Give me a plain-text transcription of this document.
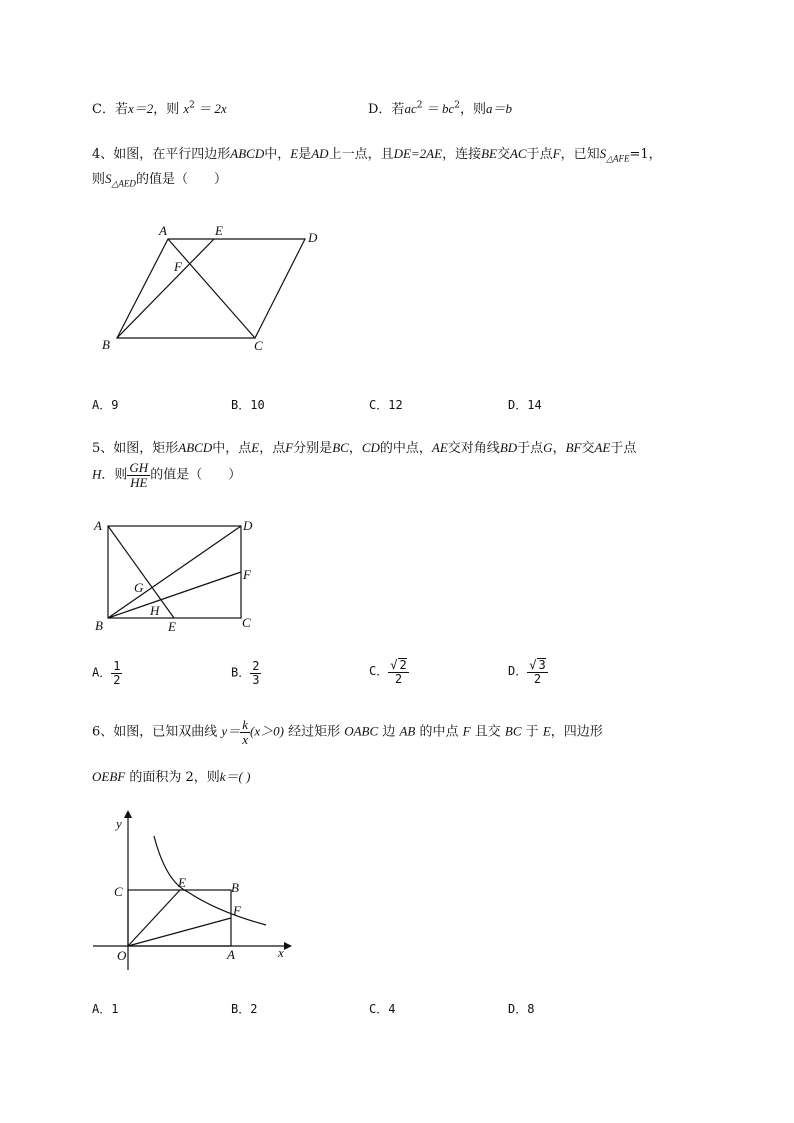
C．若x＝2，则 $x^2 = 2x$	D．若$ac^2 = bc^2$，则a＝b
4、如图，在平行四边形ABCD中，E是AD上一点，且DE=2AE，连接BE交AC于点F，已知$S_{\triangle AFE}=1$，
则$S_{\triangle AED}$的值是（　　）
A	E	D
F
B	C
A．9	B．10	C．12	D．14
5、如图，矩形ABCD中，点E，点F分别是BC，CD的中点，AE交对角线BD于点G，BF交AE于点
H．则 $\frac{GH}{HE}$ 的值是（　　）
A	D
F
G
H
B	E	C
A． $\frac{1}{2}$	B． $\frac{2}{3}$	C． $\frac{√ 2}{2}$	D． $\frac{√ 3}{2}$
6、如图，已知双曲线 $y= \frac{k}{x} (x>0)$ 经过矩形 OABC 边 AB 的中点 F 且交 BC 于 E，四边形
OEBF 的面积为 2，则k＝( )
y
x
C
E	B
F
O	A
A．1	B．2	C．4	D．8
